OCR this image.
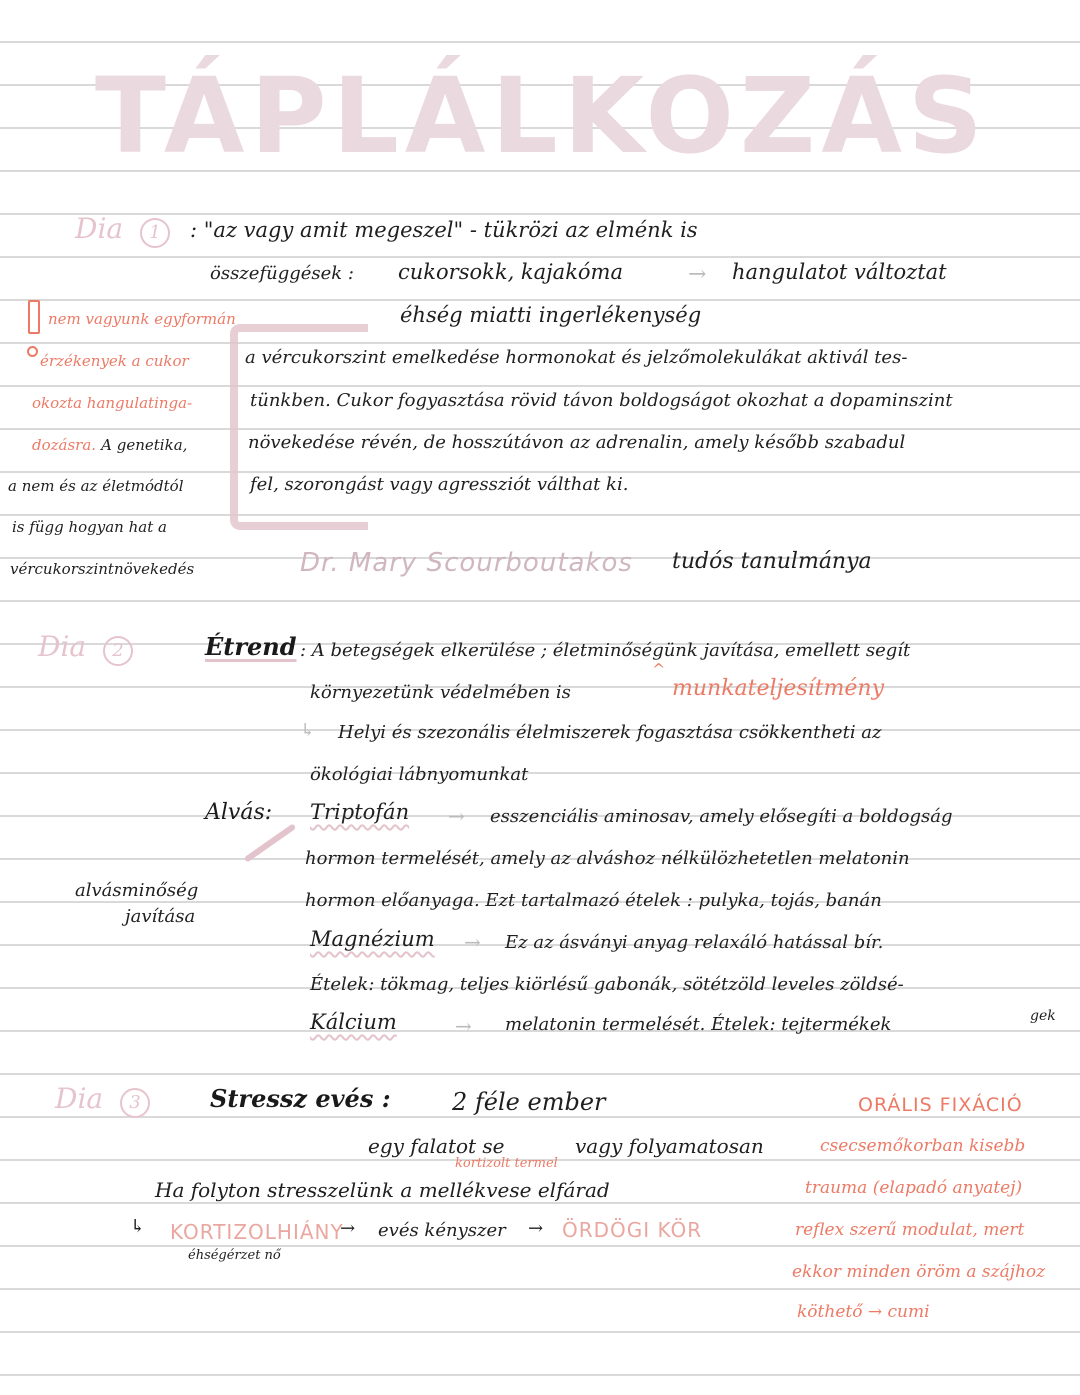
TÁPLÁLKOZÁS
Dia 1	: "az vagy amit megeszel" - tükrözi az elménk is
összefüggések : cukorsokk, kajakóma	→ hangulatot változtat
éhség miatti ingerlékenység
nem vagyunk egyformán
érzékenyek a cukor
okozta hangulatinga-
dozásra. A genetika,
a nem és az életmódtól
is függ hogyan hat a
vércukorszintnövekedés
a vércukorszint emelkedése hormonokat és jelzőmolekulákat aktivál tes-
tünkben. Cukor fogyasztása rövid távon boldogságot okozhat a dopaminszint
növekedése révén, de hosszútávon az adrenalin, amely később szabadul
fel, szorongást vagy agressziót válthat ki.
Dr. Mary Scourboutakos tudós tanulmánya
Dia 2	Étrend : A betegségek elkerülése ; életminőségünk javítása, emellett segít
^
környezetünk védelmében is	munkateljesítmény
↳ Helyi és szezonális élelmiszerek fogasztása csökkentheti az
ökológiai lábnyomunkat
Alvás: Triptofán → esszenciális aminosav, amely elősegíti a boldogság
hormon termelését, amely az alváshoz nélkülözhetetlen melatonin
hormon előanyaga. Ezt tartalmazó ételek : pulyka, tojás, banán
Magnézium → Ez az ásványi anyag relaxáló hatással bír.
Ételek: tökmag, teljes kiörlésű gabonák, sötétzöld leveles zöldsé-
gek
Kálcium	→ melatonin termelését. Ételek: tejtermékek
alvásminőség
javítása
Dia 3	Stressz evés :	2 féle ember
egy falatot se	vagy folyamatosan
kortizolt termel
Ha folyton stresszelünk a mellékvese elfárad
↳ KORTIZOLHIÁNY
→ evés kényszer → ÖRDÖGI KÖR
éhségérzet nő
ORÁLIS FIXÁCIÓ
csecsemőkorban kisebb
trauma (elapadó anyatej)
reflex szerű modulat, mert
ekkor minden öröm a szájhoz
köthető → cumi
